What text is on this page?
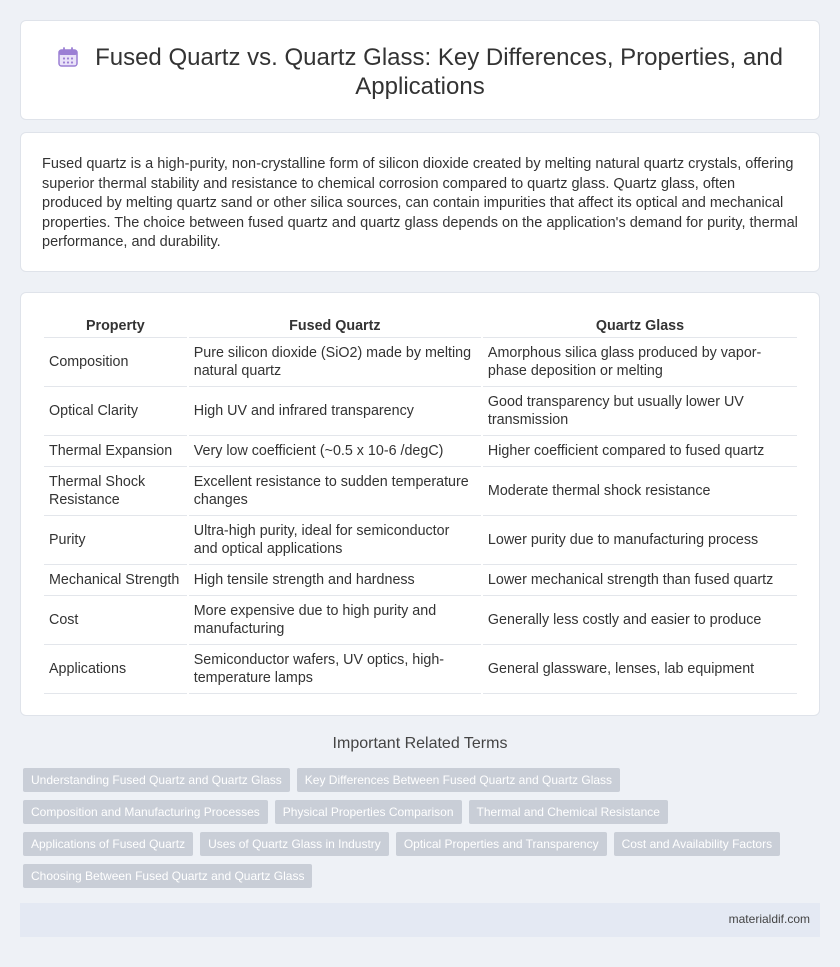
Fused Quartz vs. Quartz Glass: Key Differences, Properties, and Applications

Fused quartz is a high-purity, non-crystalline form of silicon dioxide created by melting natural quartz crystals, offering superior thermal stability and resistance to chemical corrosion compared to quartz glass. Quartz glass, often produced by melting quartz sand or other silica sources, can contain impurities that affect its optical and mechanical properties. The choice between fused quartz and quartz glass depends on the application's demand for purity, thermal performance, and durability.

Property	Fused Quartz	Quartz Glass
Composition	Pure silicon dioxide (SiO2) made by melting natural quartz	Amorphous silica glass produced by vapor-phase deposition or melting
Optical Clarity	High UV and infrared transparency	Good transparency but usually lower UV transmission
Thermal Expansion	Very low coefficient (~0.5 x 10-6 /degC)	Higher coefficient compared to fused quartz
Thermal Shock Resistance	Excellent resistance to sudden temperature changes	Moderate thermal shock resistance
Purity	Ultra-high purity, ideal for semiconductor and optical applications	Lower purity due to manufacturing process
Mechanical Strength	High tensile strength and hardness	Lower mechanical strength than fused quartz
Cost	More expensive due to high purity and manufacturing	Generally less costly and easier to produce
Applications	Semiconductor wafers, UV optics, high-temperature lamps	General glassware, lenses, lab equipment
Important Related Terms
Understanding Fused Quartz and Quartz Glass	Key Differences Between Fused Quartz and Quartz Glass
Composition and Manufacturing Processes	Physical Properties Comparison	Thermal and Chemical Resistance
Applications of Fused Quartz	Uses of Quartz Glass in Industry	Optical Properties and Transparency	Cost and Availability Factors
Choosing Between Fused Quartz and Quartz Glass
materialdif.com
